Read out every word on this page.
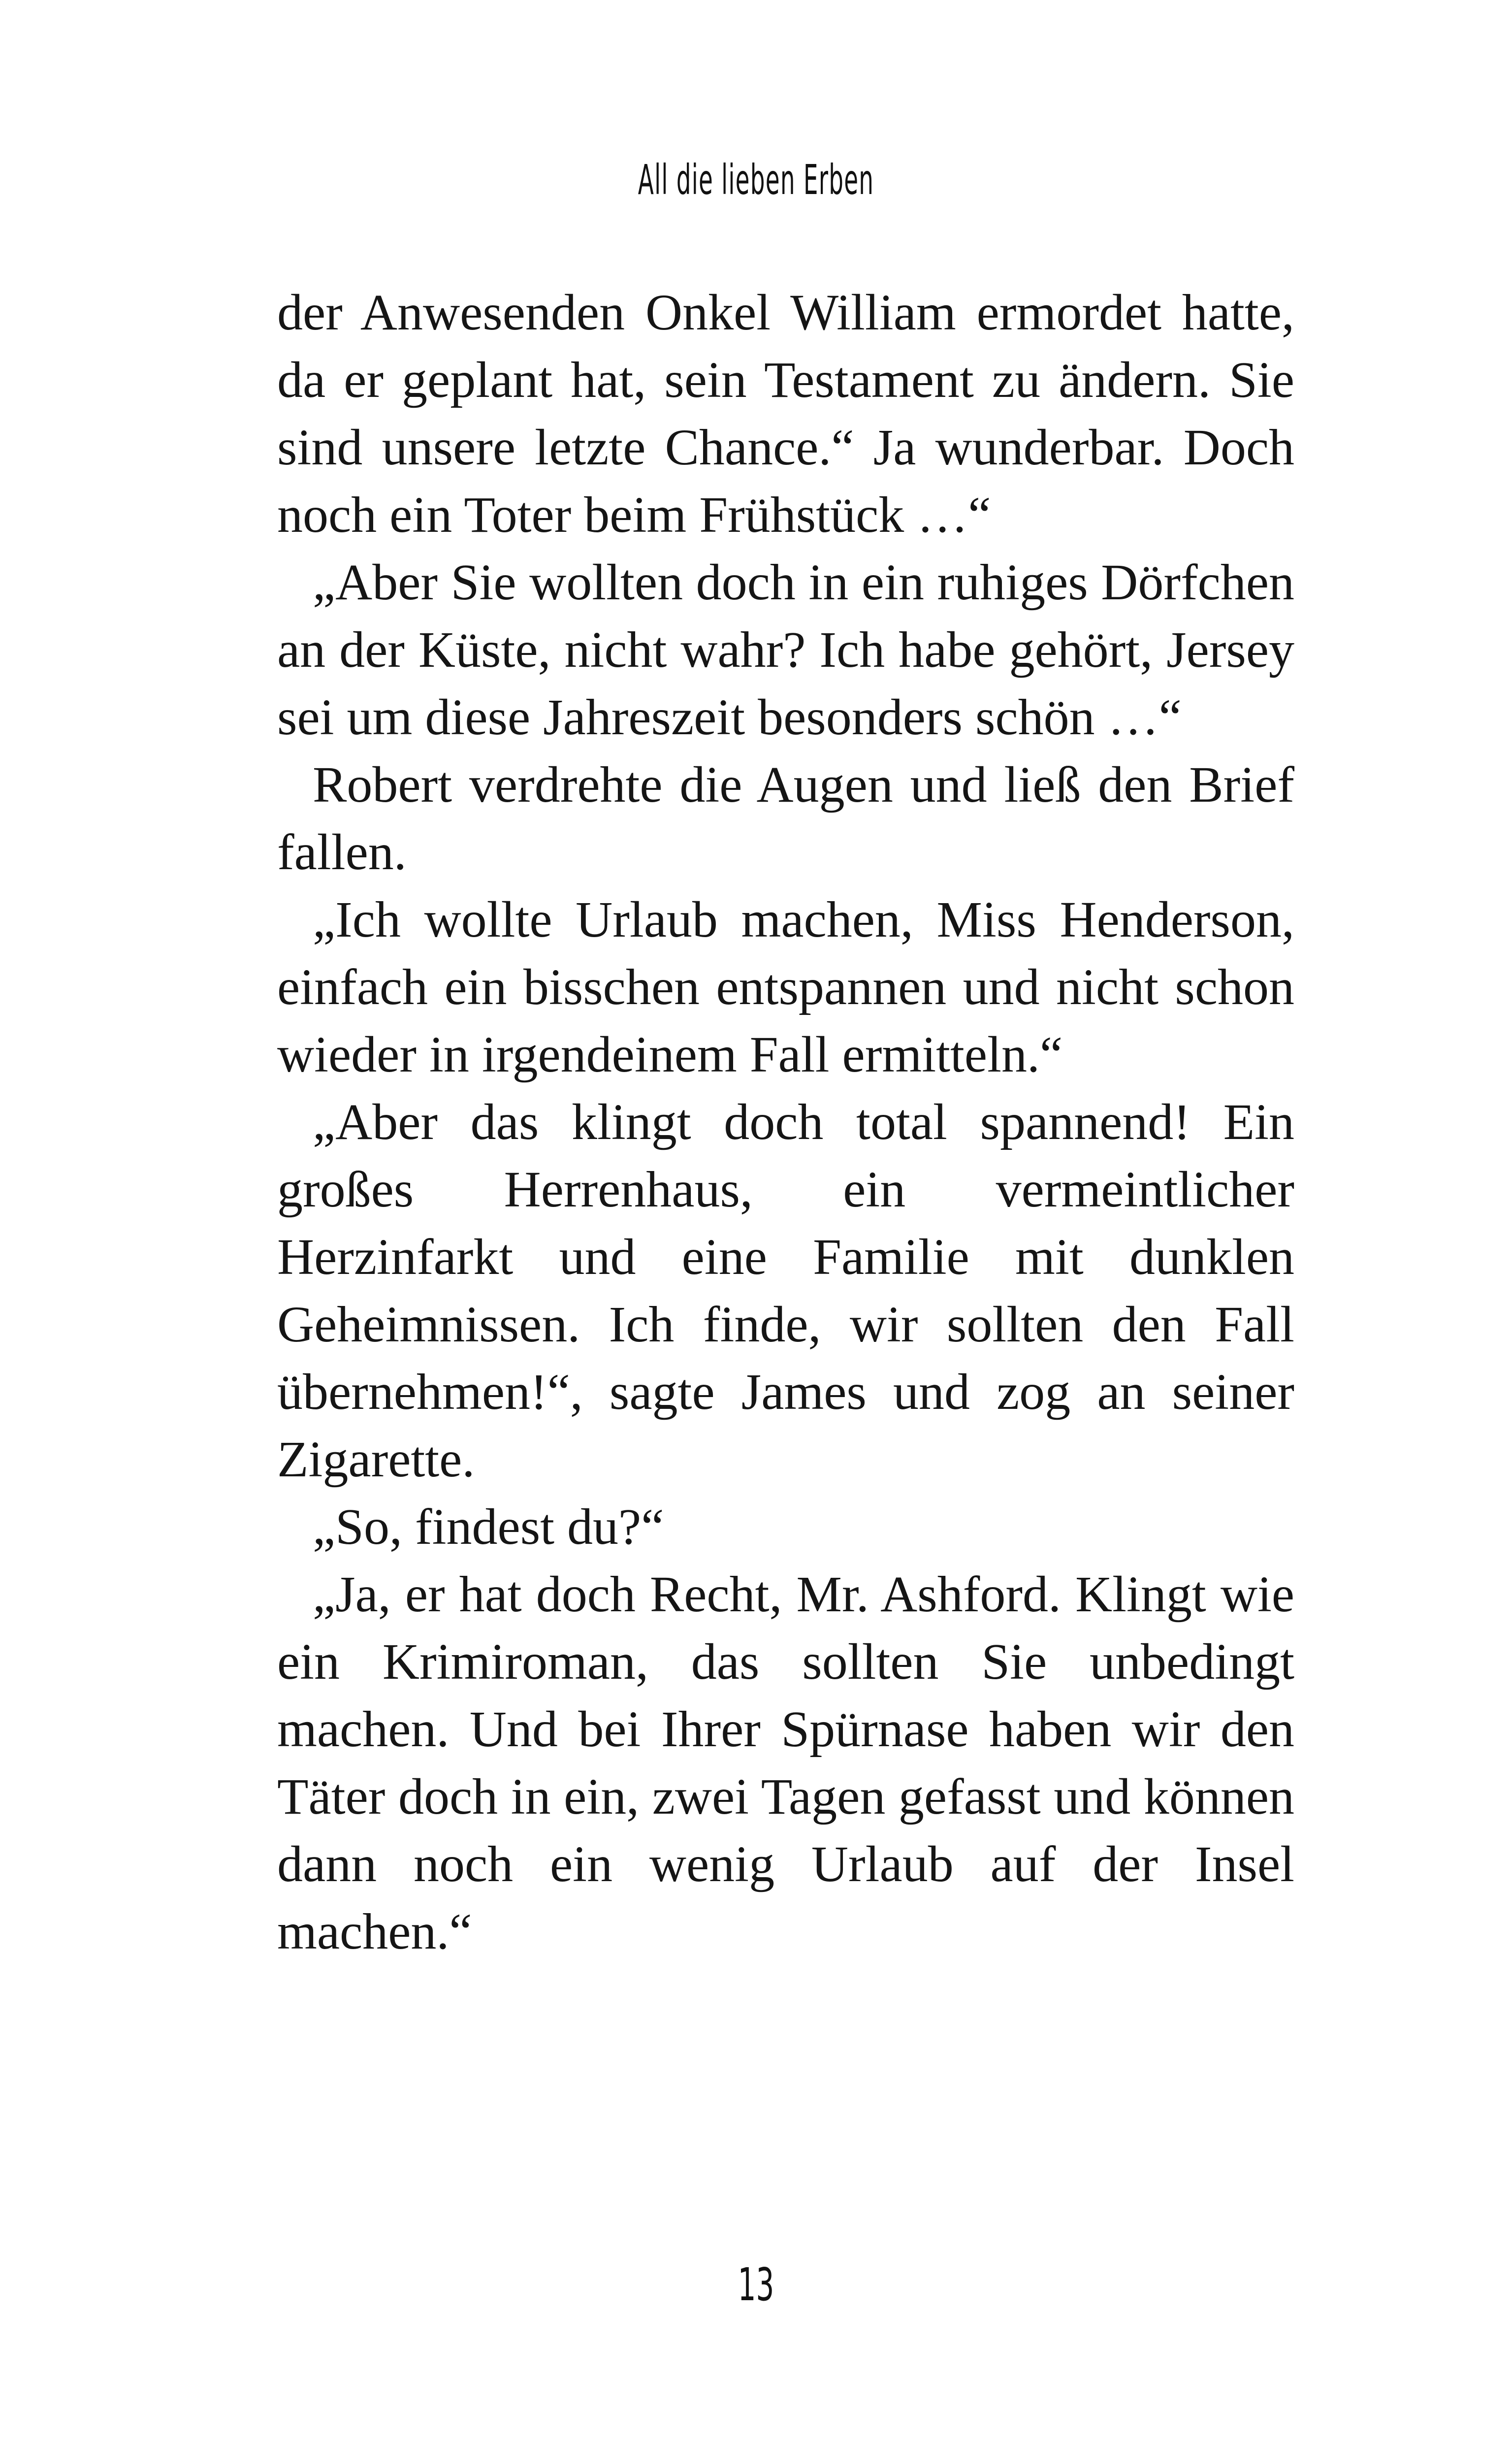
All die lieben Erben

der Anwesenden Onkel William ermordet hatte, da er geplant hat, sein Testament zu ändern. Sie sind unsere letzte Chance.“ Ja wunderbar. Doch noch ein Toter beim Frühstück …“

„Aber Sie wollten doch in ein ruhiges Dörfchen an der Küste, nicht wahr? Ich habe gehört, Jersey sei um diese Jahreszeit besonders schön …“

Robert verdrehte die Augen und ließ den Brief fallen.

„Ich wollte Urlaub machen, Miss Henderson, einfach ein bisschen entspannen und nicht schon wieder in irgendeinem Fall ermitteln.“

„Aber das klingt doch total spannend! Ein großes Herrenhaus, ein vermeintlicher Herzinfarkt und eine Familie mit dunklen Geheimnissen. Ich finde, wir sollten den Fall übernehmen!“, sagte James und zog an seiner Zigarette.

„So, findest du?“

„Ja, er hat doch Recht, Mr. Ashford. Klingt wie ein Krimiroman, das sollten Sie unbedingt machen. Und bei Ihrer Spürnase haben wir den Täter doch in ein, zwei Tagen gefasst und können dann noch ein wenig Urlaub auf der Insel machen.“

13
